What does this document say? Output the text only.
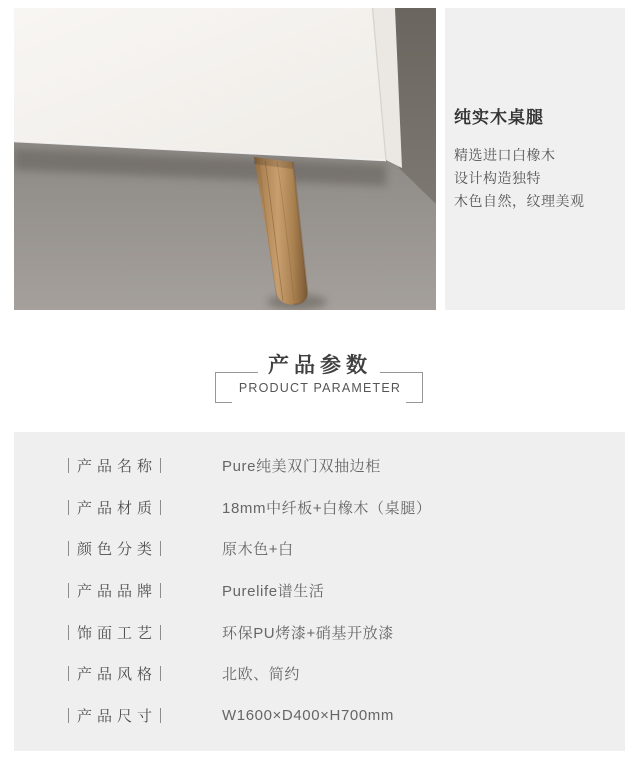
纯实木桌腿
精选进口白橡木
设计构造独特
木色自然，纹理美观
产品参数
PRODUCT PARAMETER
产品名称	Pure纯美双门双抽边柜
产品材质	18mm中纤板+白橡木（桌腿）
颜色分类	原木色+白
产品品牌	Purelife谱生活
饰面工艺	环保PU烤漆+硝基开放漆
产品风格	北欧、简约
产品尺寸	W1600×D400×H700mm
